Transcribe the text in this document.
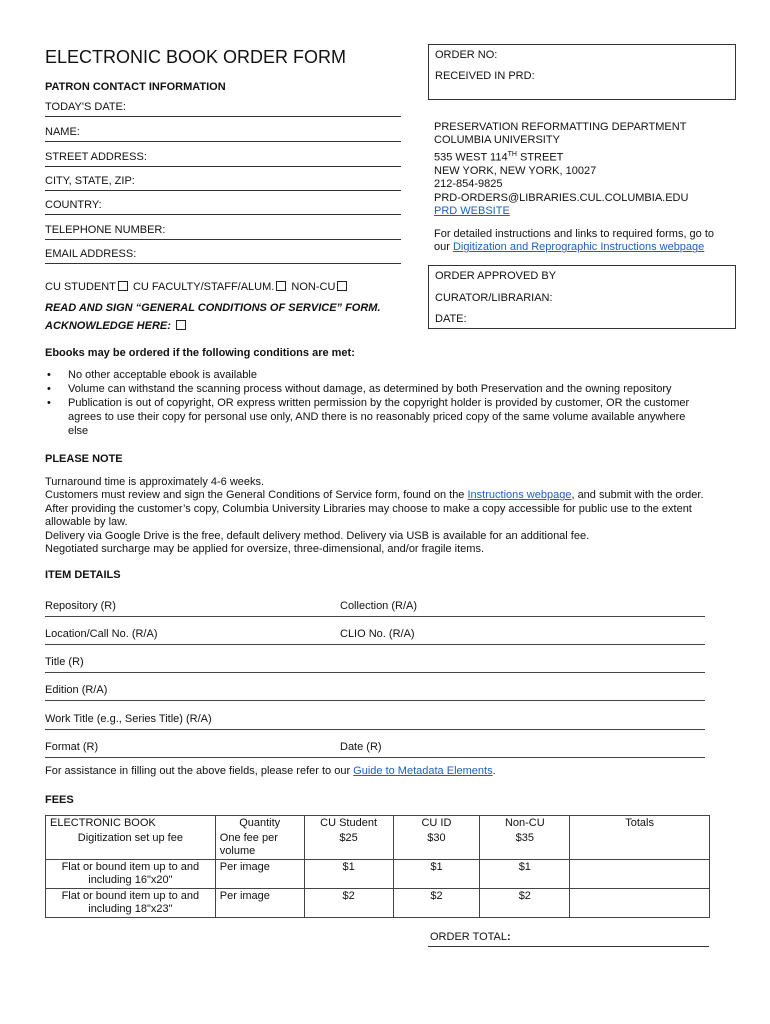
ELECTRONIC BOOK ORDER FORM
PATRON CONTACT INFORMATION
ORDER NO:
RECEIVED IN PRD:
TODAY'S DATE:
NAME:
STREET ADDRESS:
CITY, STATE, ZIP:
COUNTRY:
TELEPHONE NUMBER:
EMAIL ADDRESS:
CU STUDENT CU FACULTY/STAFF/ALUM. NON-CU
READ AND SIGN “GENERAL CONDITIONS OF SERVICE” FORM.
ACKNOWLEDGE HERE:
PRESERVATION REFORMATTING DEPARTMENT
COLUMBIA UNIVERSITY
535 WEST 114TH STREET
NEW YORK, NEW YORK, 10027
212-854-9825
PRD-ORDERS@LIBRARIES.CUL.COLUMBIA.EDU
PRD WEBSITE
For detailed instructions and links to required forms, go to
our Digitization and Reprographic Instructions webpage
ORDER APPROVED BY
CURATOR/LIBRARIAN:
DATE:
Ebooks may be ordered if the following conditions are met:
• No other acceptable ebook is available
• Volume can withstand the scanning process without damage, as determined by both Preservation and the owning repository
• Publication is out of copyright, OR express written permission by the copyright holder is provided by customer, OR the customer agrees to use their copy for personal use only, AND there is no reasonably priced copy of the same volume available anywhere else
PLEASE NOTE
Turnaround time is approximately 4-6 weeks.
Customers must review and sign the General Conditions of Service form, found on the Instructions webpage, and submit with the order.
After providing the customer’s copy, Columbia University Libraries may choose to make a copy accessible for public use to the extent allowable by law.
Delivery via Google Drive is the free, default delivery method. Delivery via USB is available for an additional fee.
Negotiated surcharge may be applied for oversize, three-dimensional, and/or fragile items.
ITEM DETAILS
Repository (R)	Collection (R/A)
Location/Call No. (R/A)	CLIO No. (R/A)
Title (R)
Edition (R/A)
Work Title (e.g., Series Title) (R/A)
Format (R)	Date (R)
For assistance in filling out the above fields, please refer to our Guide to Metadata Elements.
FEES
ELECTRONIC BOOK	Quantity	CU Student	CU ID	Non-CU	Totals
Digitization set up fee	One fee per volume	$25	$30	$35	
Flat or bound item up to and including 16"x20"	Per image	$1	$1	$1	
Flat or bound item up to and including 18"x23"	Per image	$2	$2	$2	
ORDER TOTAL:
